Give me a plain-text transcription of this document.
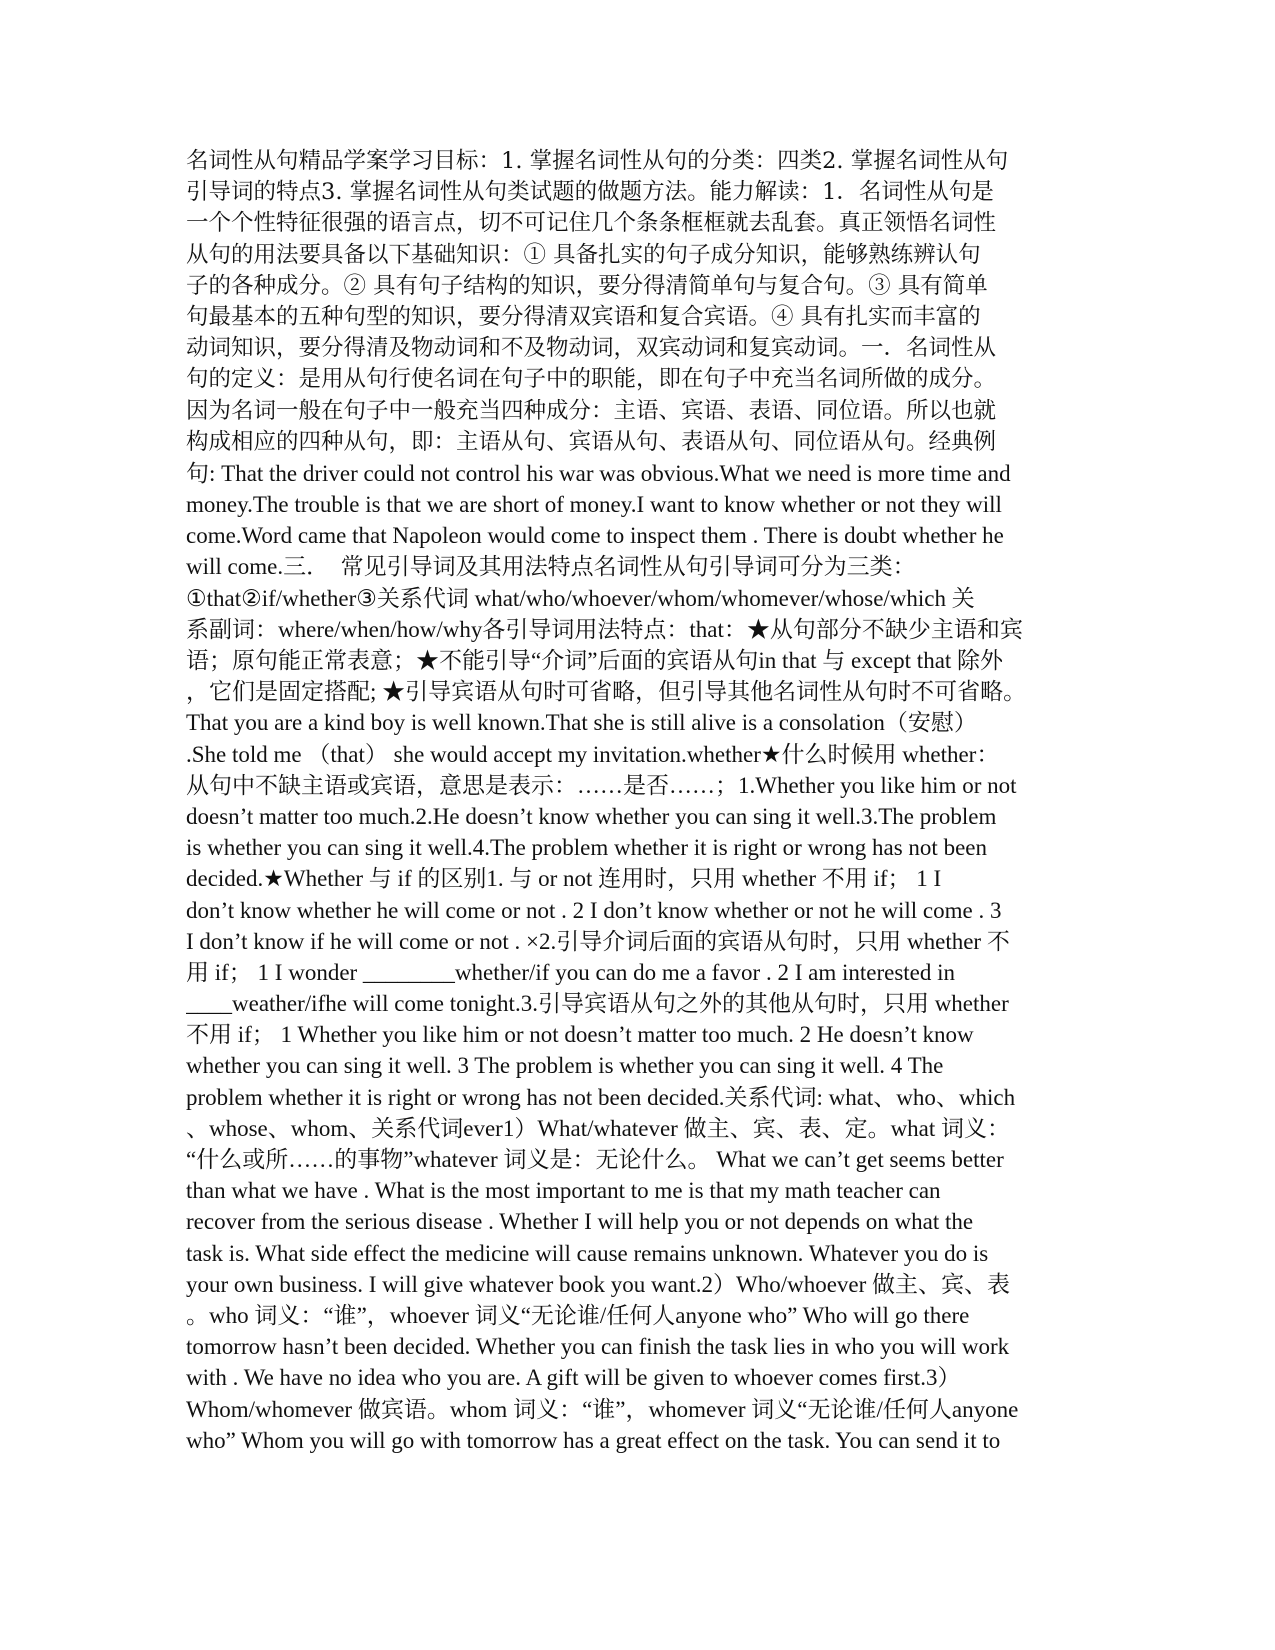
名词性从句精品学案学习目标：1. 掌握名词性从句的分类：四类2. 掌握名词性从句
引导词的特点3. 掌握名词性从句类试题的做题方法。能力解读：1．名词性从句是
一个个性特征很强的语言点，切不可记住几个条条框框就去乱套。真正领悟名词性
从句的用法要具备以下基础知识：① 具备扎实的句子成分知识，能够熟练辨认句
子的各种成分。② 具有句子结构的知识，要分得清简单句与复合句。③ 具有简单
句最基本的五种句型的知识，要分得清双宾语和复合宾语。④ 具有扎实而丰富的
动词知识，要分得清及物动词和不及物动词，双宾动词和复宾动词。一．名词性从
句的定义：是用从句行使名词在句子中的职能，即在句子中充当名词所做的成分。
因为名词一般在句子中一般充当四种成分：主语、宾语、表语、同位语。所以也就
构成相应的四种从句，即：主语从句、宾语从句、表语从句、同位语从句。经典例
句: That the driver could not control his war was obvious.What we need is more time and
money.The trouble is that we are short of money.I want to know whether or not they will
come.Word came that Napoleon would come to inspect them . There is doubt whether he
will come.三．　常见引导词及其用法特点名词性从句引导词可分为三类：
①that②if/whether③关系代词 what/who/whoever/whom/whomever/whose/which 关
系副词：where/when/how/why各引导词用法特点：that：★从句部分不缺少主语和宾
语；原句能正常表意；★不能引导“介词”后面的宾语从句in that 与 except that 除外
，它们是固定搭配; ★引导宾语从句时可省略，但引导其他名词性从句时不可省略。
That you are a kind boy is well known.That she is still alive is a consolation（安慰）
.She told me （that） she would accept my invitation.whether★什么时候用 whether：
从句中不缺主语或宾语，意思是表示：……是否……；1.Whether you like him or not
doesn’t matter too much.2.He doesn’t know whether you can sing it well.3.The problem
is whether you can sing it well.4.The problem whether it is right or wrong has not been
decided.★Whether 与 if 的区别1. 与 or not 连用时，只用 whether 不用 if； 1 I
don’t know whether he will come or not . 2 I don’t know whether or not he will come . 3
I don’t know if he will come or not . ×2.引导介词后面的宾语从句时，只用 whether 不
用 if； 1 I wonder ________whether/if you can do me a favor . 2 I am interested in
____weather/ifhe will come tonight.3.引导宾语从句之外的其他从句时，只用 whether
不用 if； 1 Whether you like him or not doesn’t matter too much. 2 He doesn’t know
whether you can sing it well. 3 The problem is whether you can sing it well. 4 The
problem whether it is right or wrong has not been decided.关系代词: what、who、which
、whose、whom、关系代词ever1）What/whatever 做主、宾、表、定。what 词义：
“什么或所……的事物”whatever 词义是：无论什么。 What we can’t get seems better
than what we have . What is the most important to me is that my math teacher can
recover from the serious disease . Whether I will help you or not depends on what the
task is. What side effect the medicine will cause remains unknown. Whatever you do is
your own business. I will give whatever book you want.2）Who/whoever 做主、宾、表
。who 词义：“谁”，whoever 词义“无论谁/任何人anyone who” Who will go there
tomorrow hasn’t been decided. Whether you can finish the task lies in who you will work
with . We have no idea who you are. A gift will be given to whoever comes first.3）
Whom/whomever 做宾语。whom 词义：“谁”，whomever 词义“无论谁/任何人anyone
who” Whom you will go with tomorrow has a great effect on the task. You can send it to
